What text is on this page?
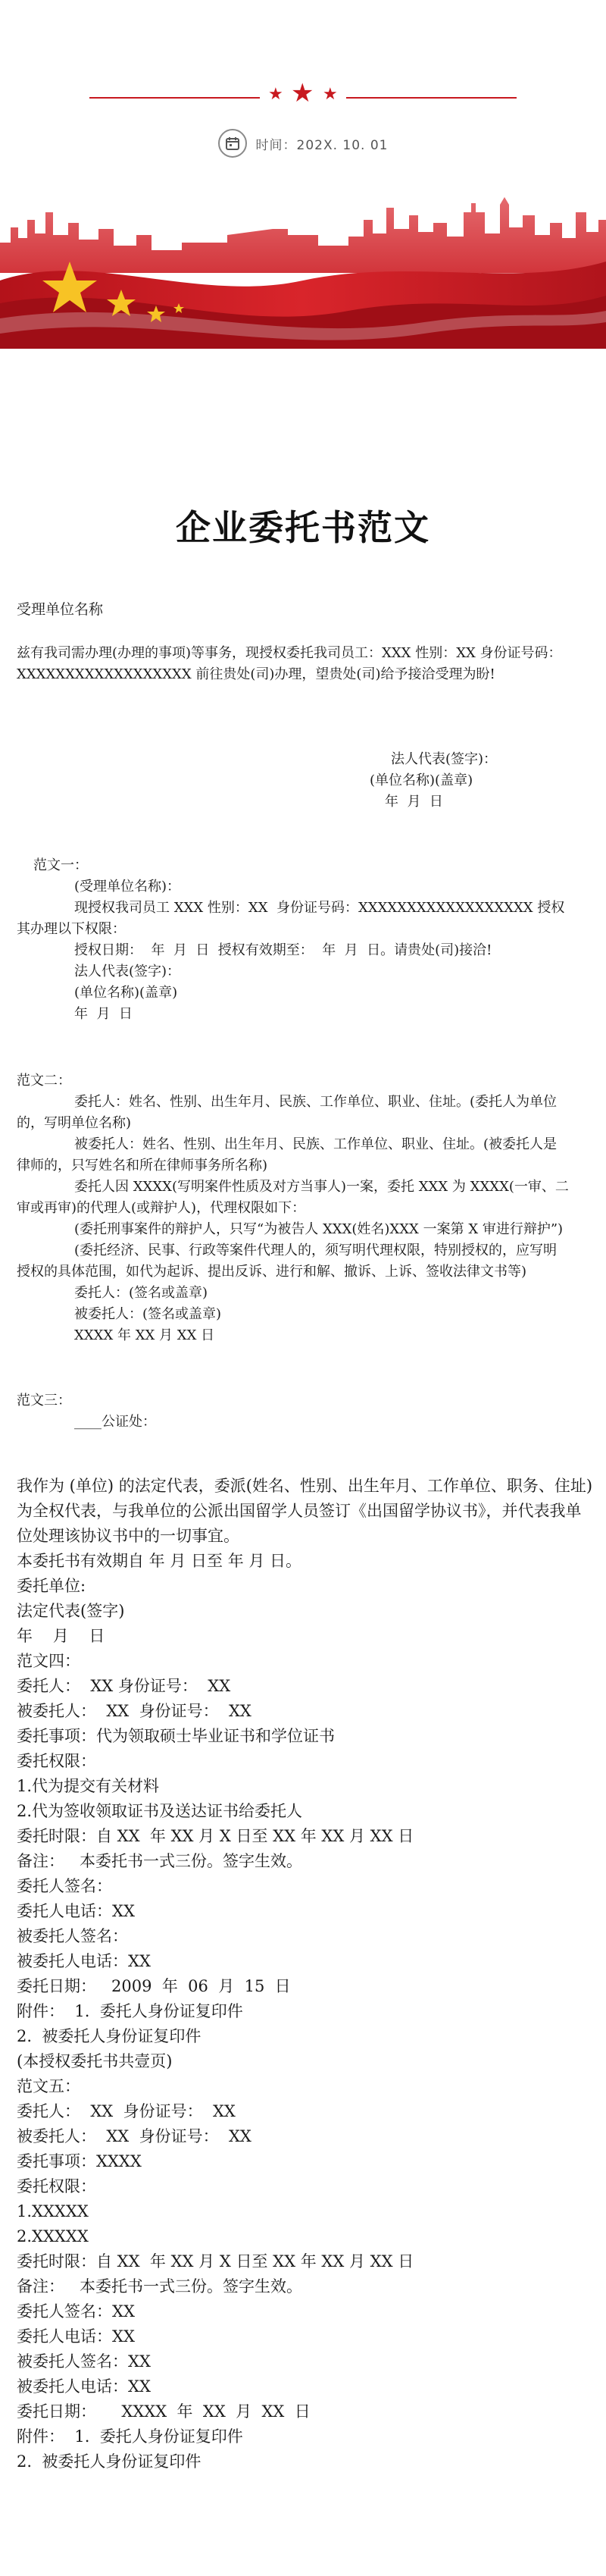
★ ★ ★
时间：202X. 10. 01
企业委托书范文
受理单位名称
兹有我司需办理(办理的事项)等事务，现授权委托我司员工：XXX 性别：XX 身份证号码：
XXXXXXXXXXXXXXXXXX 前往贵处(司)办理，望贵处(司)给予接洽受理为盼!
法人代表(签字)：
(单位名称)(盖章)
年  月  日
范文一：
(受理单位名称)：
现授权我司员工 XXX 性别：XX  身份证号码：XXXXXXXXXXXXXXXXXX 授权
其办理以下权限：
授权日期：  年  月  日  授权有效期至：  年  月  日。请贵处(司)接洽!
法人代表(签字)：
(单位名称)(盖章)
年  月  日
范文二：
委托人：姓名、性别、出生年月、民族、工作单位、职业、住址。(委托人为单位
的，写明单位名称)
被委托人：姓名、性别、出生年月、民族、工作单位、职业、住址。(被委托人是
律师的，只写姓名和所在律师事务所名称)
委托人因 XXXX(写明案件性质及对方当事人)一案，委托 XXX 为 XXXX(一审、二
审或再审)的代理人(或辩护人)，代理权限如下：
(委托刑事案件的辩护人，只写“为被告人 XXX(姓名)XXX 一案第 X 审进行辩护”)
(委托经济、民事、行政等案件代理人的，须写明代理权限，特别授权的，应写明
授权的具体范围，如代为起诉、提出反诉、进行和解、撤诉、上诉、签收法律文书等)
委托人：(签名或盖章)
被委托人：(签名或盖章)
XXXX 年 XX 月 XX 日
范文三：
____公证处：
我作为 (单位) 的法定代表，委派(姓名、性别、出生年月、工作单位、职务、住址)
为全权代表，与我单位的公派出国留学人员签订《出国留学协议书》，并代表我单
位处理该协议书中的一切事宜。
本委托书有效期自 年 月 日至 年 月 日。
委托单位:
法定代表(签字)
年    月    日
范文四：
委托人：  XX 身份证号：  XX
被委托人：  XX  身份证号：  XX
委托事项：代为领取硕士毕业证书和学位证书
委托权限：
1.代为提交有关材料
2.代为签收领取证书及送达证书给委托人
委托时限：自 XX  年 XX 月 X 日至 XX 年 XX 月 XX 日
备注：   本委托书一式三份。签字生效。
委托人签名：
委托人电话：XX
被委托人签名：
被委托人电话：XX
委托日期：   2009  年  06  月  15  日
附件：  1.  委托人身份证复印件
2.  被委托人身份证复印件
(本授权委托书共壹页)
范文五：
委托人：  XX  身份证号：  XX
被委托人：  XX  身份证号：  XX
委托事项：XXXX
委托权限：
1.XXXXX
2.XXXXX
委托时限：自 XX  年 XX 月 X 日至 XX 年 XX 月 XX 日
备注：   本委托书一式三份。签字生效。
委托人签名：XX
委托人电话：XX
被委托人签名：XX
被委托人电话：XX
委托日期：     XXXX  年  XX  月  XX  日
附件：  1.  委托人身份证复印件
2.  被委托人身份证复印件
